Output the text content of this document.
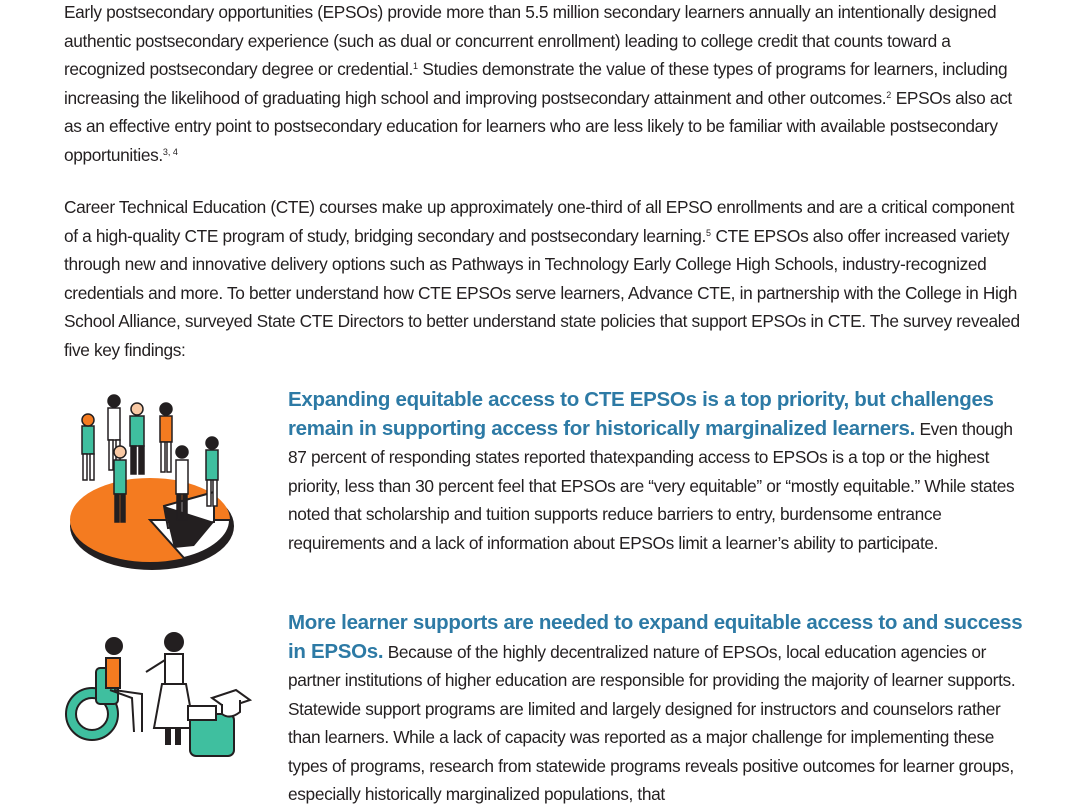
Early postsecondary opportunities (EPSOs) provide more than 5.5 million secondary learners annually an intentionally designed authentic postsecondary experience (such as dual or concurrent enrollment) leading to college credit that counts toward a recognized postsecondary degree or credential.$^1$ Studies demonstrate the value of these types of programs for learners, including increasing the likelihood of graduating high school and improving postsecondary attainment and other outcomes.$^2$ EPSOs also act as an effective entry point to postsecondary education for learners who are less likely to be familiar with available postsecondary opportunities.$^{3, 4}$

Career Technical Education (CTE) courses make up approximately one-third of all EPSO enrollments and are a critical component of a high-quality CTE program of study, bridging secondary and postsecondary learning.$^5$ CTE EPSOs also offer increased variety through new and innovative delivery options such as Pathways in Technology Early College High Schools, industry-recognized credentials and more. To better understand how CTE EPSOs serve learners, Advance CTE, in partnership with the College in High School Alliance, surveyed State CTE Directors to better understand state policies that support EPSOs in CTE. The survey revealed five key findings:

Expanding equitable access to CTE EPSOs is a top priority, but challenges remain in supporting access for historically marginalized learners. Even though 87 percent of responding states reported thatexpanding access to EPSOs is a top or the highest priority, less than 30 percent feel that EPSOs are “very equitable” or “mostly equitable.” While states noted that scholarship and tuition supports reduce barriers to entry, burdensome entrance requirements and a lack of information about EPSOs limit a learner’s ability to participate.

More learner supports are needed to expand equitable access to and success in EPSOs. Because of the highly decentralized nature of EPSOs, local education agencies or partner institutions of higher education are responsible for providing the majority of learner supports. Statewide support programs are limited and largely designed for instructors and counselors rather than learners. While a lack of capacity was reported as a major challenge for implementing these types of programs, research from statewide programs reveals positive outcomes for learner groups, especially historically marginalized populations, that
